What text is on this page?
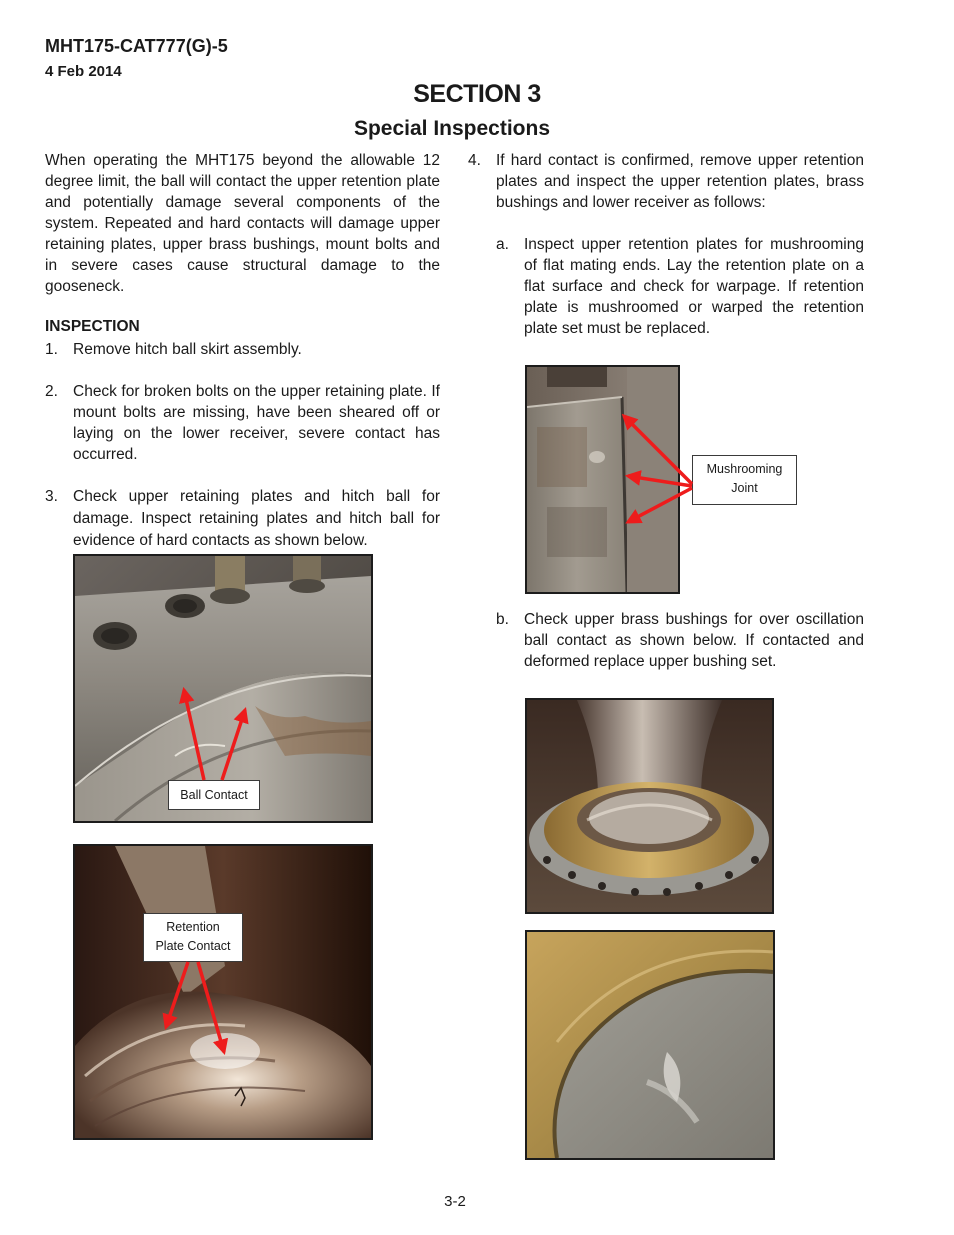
MHT175-CAT777(G)-5
4 Feb 2014
SECTION 3
Special Inspections
When operating the MHT175 beyond the allowable 12 degree limit, the ball will contact the upper retention plate and potentially damage several components of the system. Repeated and hard contacts will damage upper retaining plates, upper brass bushings, mount bolts and in severe cases cause structural damage to the gooseneck.
INSPECTION
1. Remove hitch ball skirt assembly.
2. Check for broken bolts on the upper retaining plate. If mount bolts are missing, have been sheared off or laying on the lower receiver, severe contact has occurred.
3. Check upper retaining plates and hitch ball for damage. Inspect retaining plates and hitch ball for evidence of hard contacts as shown below.
4. If hard contact is confirmed, remove upper retention plates and inspect the upper retention plates, brass bushings and lower receiver as follows:
a. Inspect upper retention plates for mushrooming of flat mating ends. Lay the retention plate on a flat surface and check for warpage. If retention plate is mushroomed or warped the retention plate set must be replaced.
b. Check upper brass bushings for over oscillation ball contact as shown below. If contacted and deformed replace upper bushing set.
Ball Contact
Retention
Plate Contact
Mushrooming
Joint
3-2
